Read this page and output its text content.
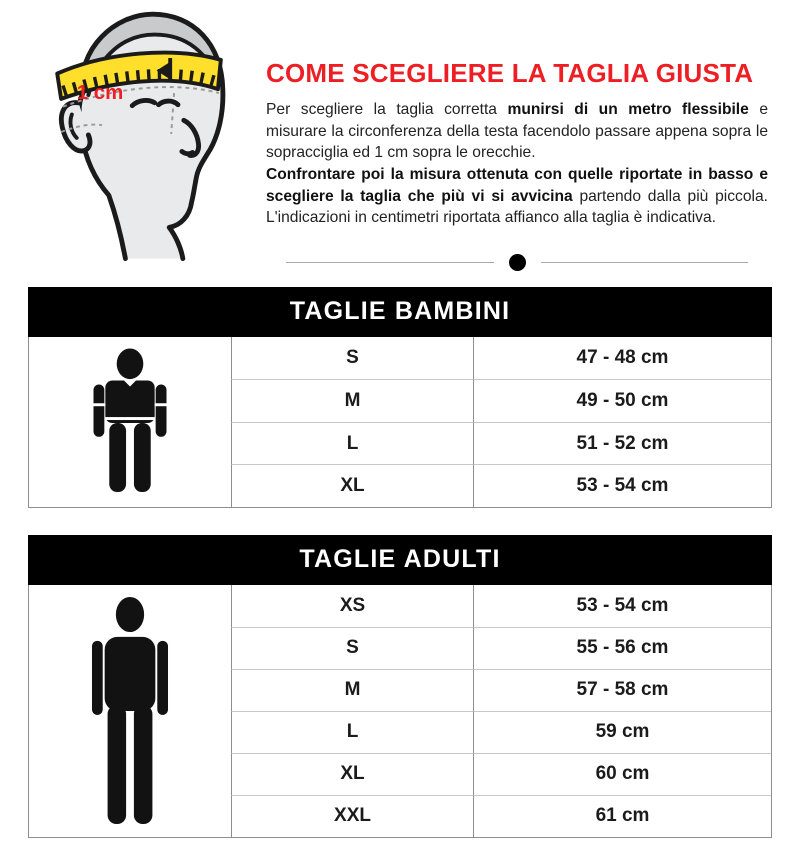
1 cm
COME SCEGLIERE LA TAGLIA GIUSTA

Per scegliere la taglia corretta munirsi di un metro flessibile e misurare la circonferenza della testa facendolo passare appena sopra le sopracciglia ed 1 cm sopra le orecchie.

Confrontare poi la misura ottenuta con quelle riportate in basso e scegliere la taglia che più vi si avvicina partendo dalla più piccola. L'indicazioni in centimetri riportata affianco alla taglia è indicativa.

TAGLIE BAMBINI
S	47 - 48 cm
M	49 - 50 cm
L	51 - 52 cm
XL	53 - 54 cm
TAGLIE ADULTI
XS	53 - 54 cm
S	55 - 56 cm
M	57 - 58 cm
L	59 cm
XL	60 cm
XXL	61 cm
